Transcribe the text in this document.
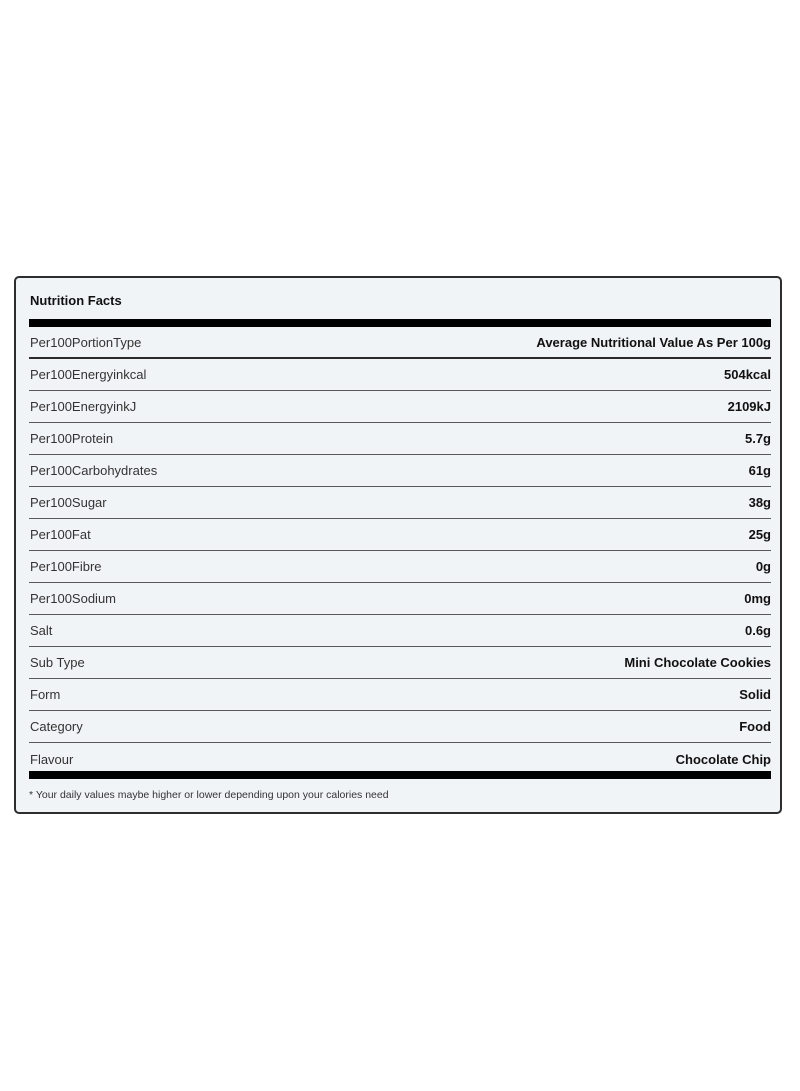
Nutrition Facts
Per100PortionType	Average Nutritional Value As Per 100g
Per100Energyinkcal	504kcal
Per100EnergyinkJ	2109kJ
Per100Protein	5.7g
Per100Carbohydrates	61g
Per100Sugar	38g
Per100Fat	25g
Per100Fibre	0g
Per100Sodium	0mg
Salt	0.6g
Sub Type	Mini Chocolate Cookies
Form	Solid
Category	Food
Flavour	Chocolate Chip
* Your daily values maybe higher or lower depending upon your calories need
